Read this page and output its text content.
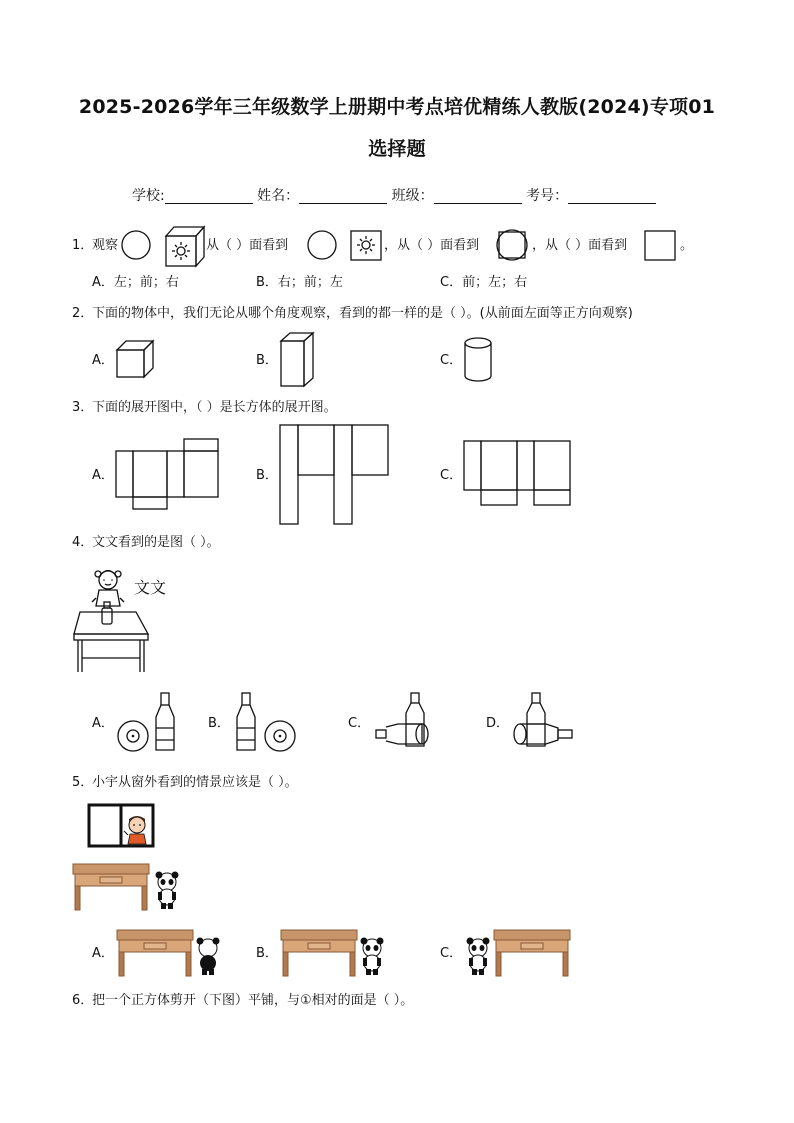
2025-2026学年三年级数学上册期中考点培优精练人教版(2024)专项01
选择题
学校:	姓名：	班级：	考号：
1．
观察	从（ ）面看到	，从（ ）面看到	，从（ ）面看到	。
A．左；前；右	B．右；前；左	C．前；左；右
2．
下面的物体中，我们无论从哪个角度观察，看到的都一样的是（ ）。(从前面左面等正方向观察)
A．	B．	C．
3．
下面的展开图中，（ ）是长方体的展开图。
A．	B．	C．
4．
文文看到的是图（ ）。
文文
A．	B．	C．	D．
5．
小宇从窗外看到的情景应该是（ ）。
A．	B．	C．
6．
把一个正方体剪开（下图）平铺，与①相对的面是（ ）。
